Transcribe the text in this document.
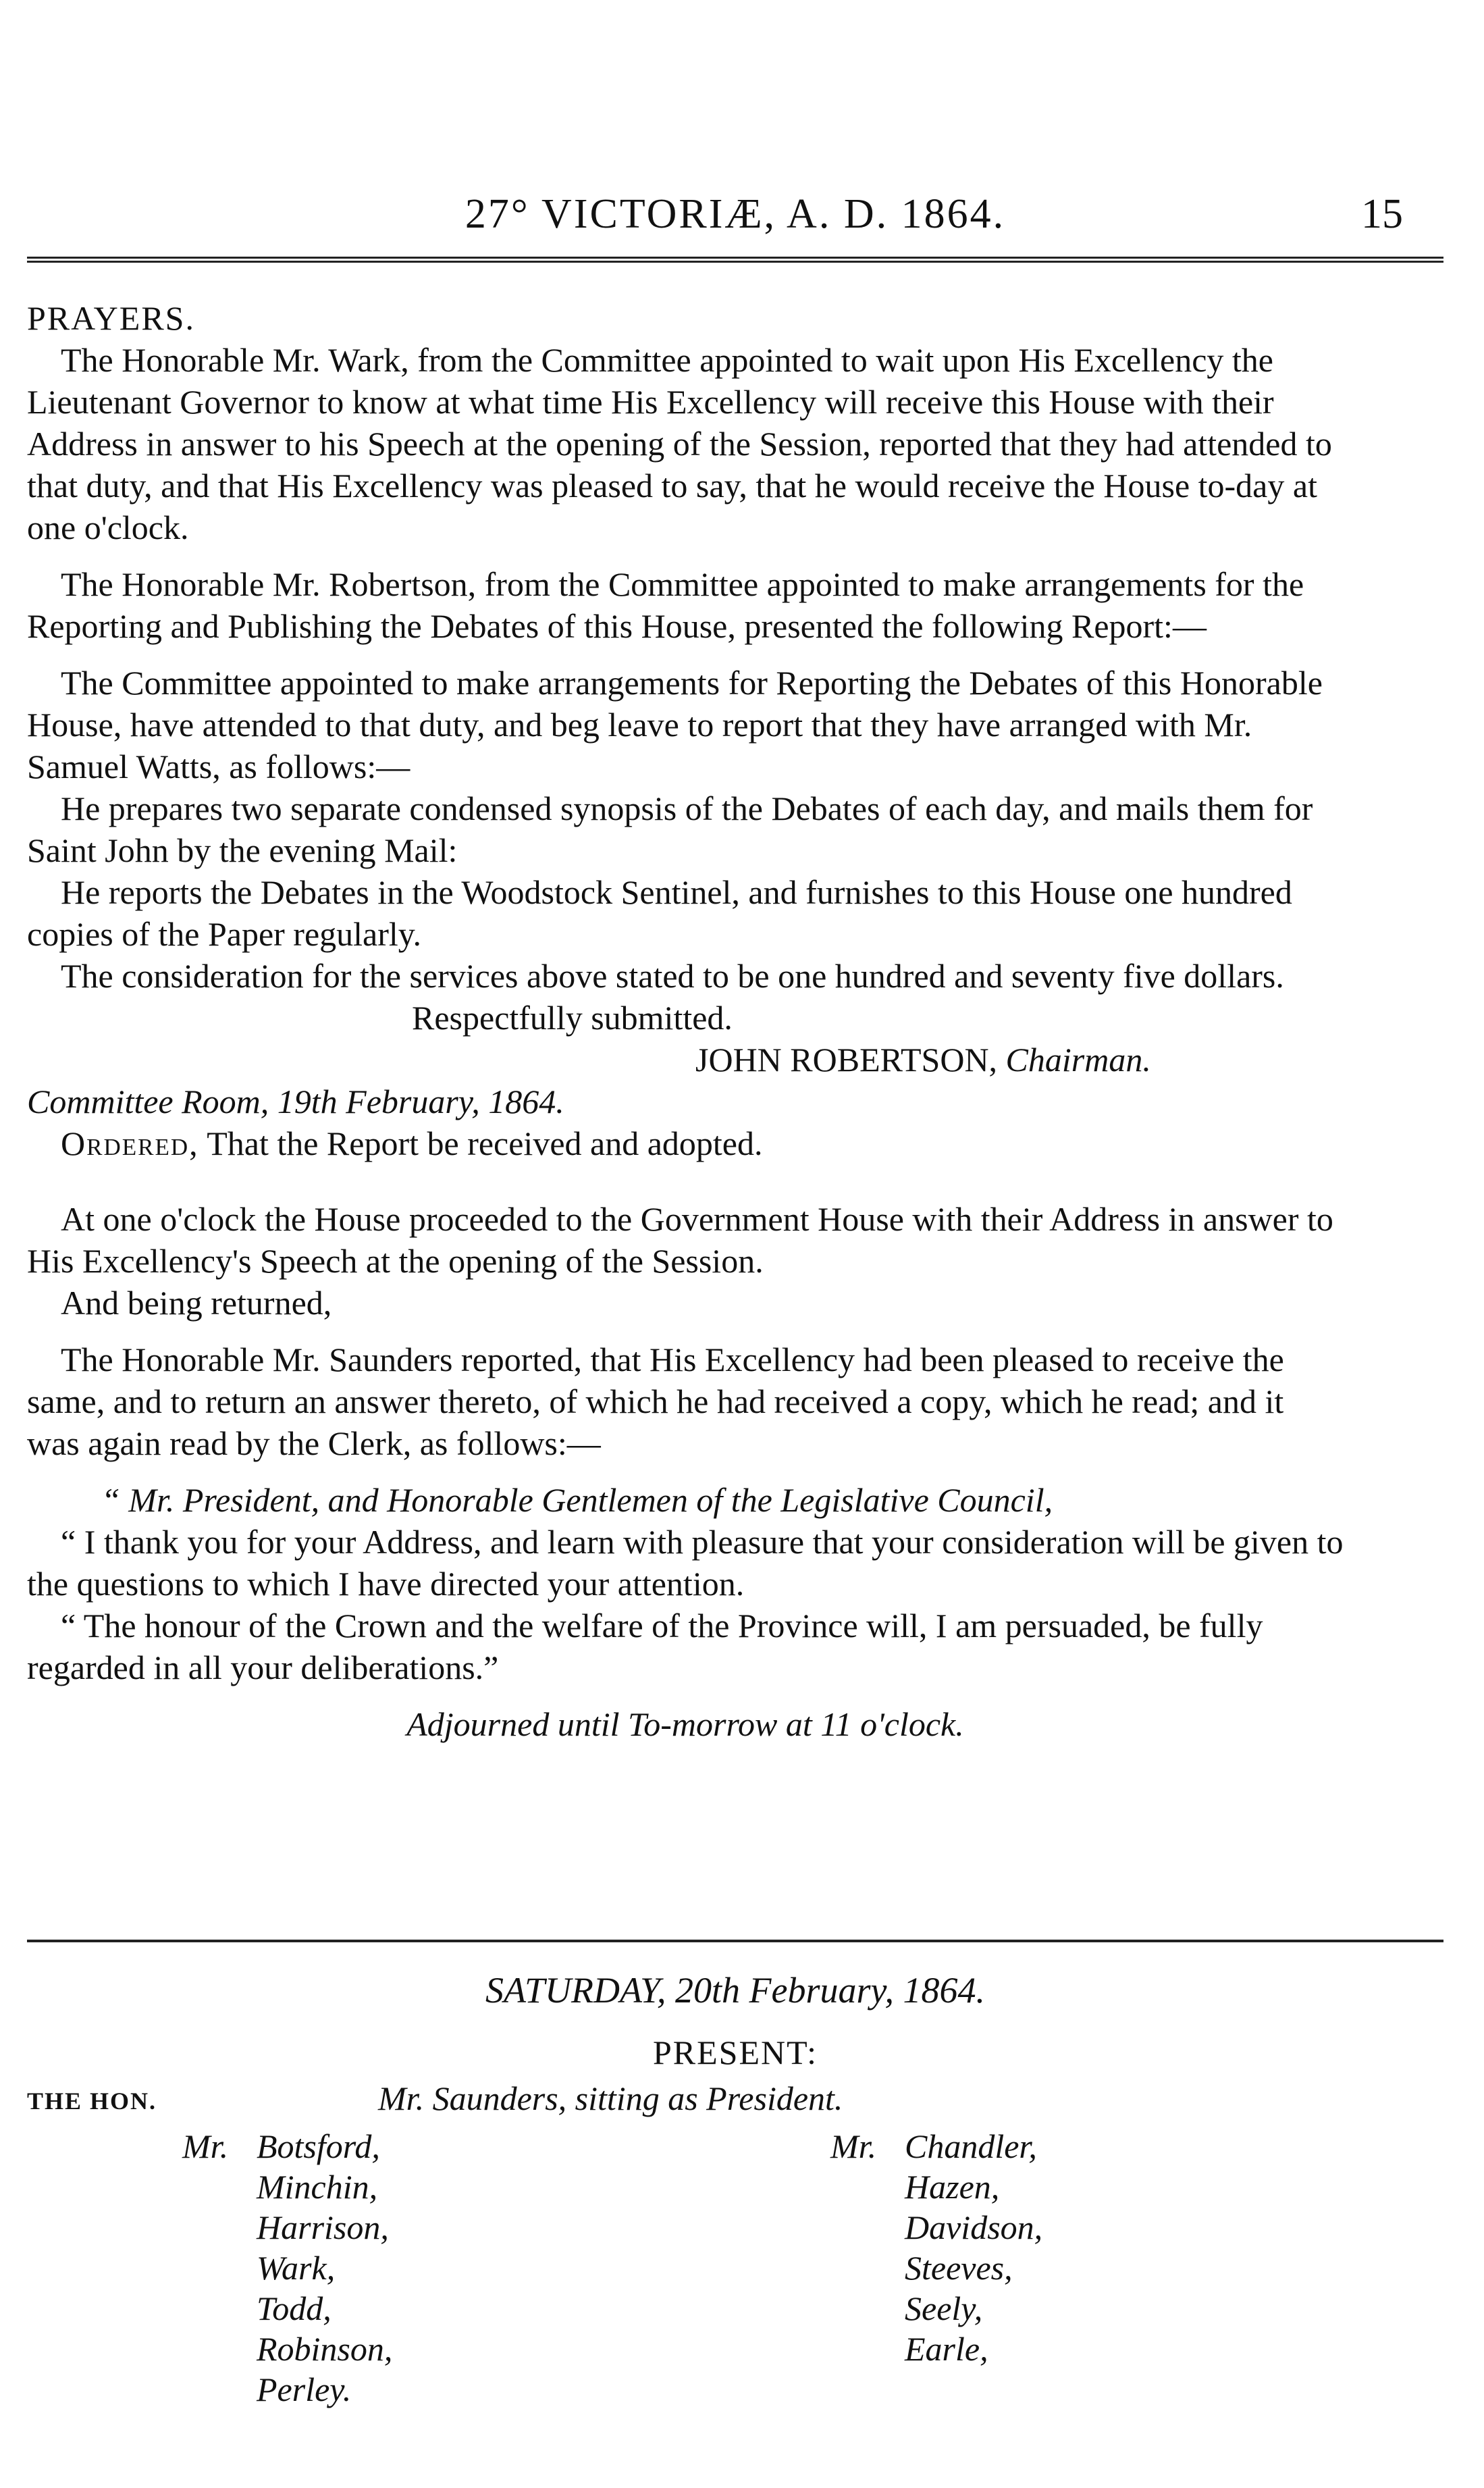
27° VICTORIÆ, A. D. 1864.	15

PRAYERS.

The Honorable Mr. Wark, from the Committee appointed to wait upon His Excellency the Lieutenant Governor to know at what time His Excellency will receive this House with their Address in answer to his Speech at the opening of the Session, reported that they had attended to that duty, and that His Excellency was pleased to say, that he would receive the House to-day at one o'clock.

The Honorable Mr. Robertson, from the Committee appointed to make arrangements for the Reporting and Publishing the Debates of this House, presented the following Report:—

The Committee appointed to make arrangements for Reporting the Debates of this Honorable House, have attended to that duty, and beg leave to report that they have arranged with Mr. Samuel Watts, as follows:—

He prepares two separate condensed synopsis of the Debates of each day, and mails them for Saint John by the evening Mail:

He reports the Debates in the Woodstock Sentinel, and furnishes to this House one hundred copies of the Paper regularly.

The consideration for the services above stated to be one hundred and seventy five dollars.

Respectfully submitted.

JOHN ROBERTSON, Chairman.

Committee Room, 19th February, 1864.

Ordered, That the Report be received and adopted.

At one o'clock the House proceeded to the Government House with their Address in answer to His Excellency's Speech at the opening of the Session.

And being returned,

The Honorable Mr. Saunders reported, that His Excellency had been pleased to receive the same, and to return an answer thereto, of which he had received a copy, which he read; and it was again read by the Clerk, as follows:—

“ Mr. President, and Honorable Gentlemen of the Legislative Council,

“ I thank you for your Address, and learn with pleasure that your consideration will be given to the questions to which I have directed your attention.

“ The honour of the Crown and the welfare of the Province will, I am persuaded, be fully regarded in all your deliberations.”

Adjourned until To-morrow at 11 o'clock.

SATURDAY, 20th February, 1864.
PRESENT:
THE HON.	Mr. Saunders, sitting as President.
Mr. Botsford,
Minchin,
Harrison,
Wark,
Todd,
Robinson,
Perley.
Mr. Chandler,
Hazen,
Davidson,
Steeves,
Seely,
Earle,
